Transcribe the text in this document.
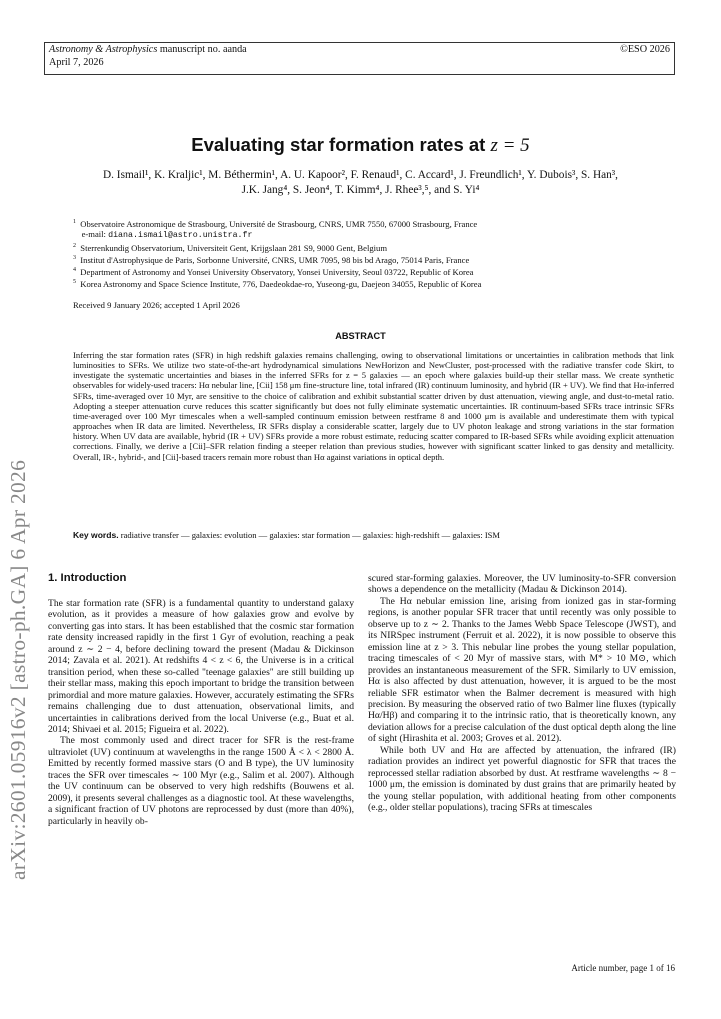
Astronomy & Astrophysics manuscript no. aanda
April 7, 2026
©ESO 2026
arXiv:2601.05916v2 [astro-ph.GA] 6 Apr 2026
Evaluating star formation rates at z = 5
D. Ismail¹, K. Kraljic¹, M. Béthermin¹, A. U. Kapoor², F. Renaud¹, C. Accard¹, J. Freundlich¹, Y. Dubois³, S. Han³,
J.K. Jang⁴, S. Jeon⁴, T. Kimm⁴, J. Rhee³,⁵, and S. Yi⁴
$^1$ Observatoire Astronomique de Strasbourg, Université de Strasbourg, CNRS, UMR 7550, 67000 Strasbourg, France
e-mail: diana.ismail@astro.unistra.fr
$^2$ Sterrenkundig Observatorium, Universiteit Gent, Krijgslaan 281 S9, 9000 Gent, Belgium
$^3$ Institut d'Astrophysique de Paris, Sorbonne Université, CNRS, UMR 7095, 98 bis bd Arago, 75014 Paris, France
$^4$ Department of Astronomy and Yonsei University Observatory, Yonsei University, Seoul 03722, Republic of Korea
$^5$ Korea Astronomy and Space Science Institute, 776, Daedeokdae-ro, Yuseong-gu, Daejeon 34055, Republic of Korea
Received 9 January 2026; accepted 1 April 2026
ABSTRACT
Inferring the star formation rates (SFR) in high redshift galaxies remains challenging, owing to observational limitations or uncertainties in calibration methods that link luminosities to SFRs. We utilize two state-of-the-art hydrodynamical simulations NewHorizon and NewCluster, post-processed with the radiative transfer code Skirt, to investigate the systematic uncertainties and biases in the inferred SFRs for z = 5 galaxies — an epoch where galaxies build-up their stellar mass. We create synthetic observables for widely-used tracers: Hα nebular line, [Cii] 158 μm fine-structure line, total infrared (IR) continuum luminosity, and hybrid (IR + UV). We find that Hα-inferred SFRs, time-averaged over 10 Myr, are sensitive to the choice of calibration and exhibit substantial scatter driven by dust attenuation, viewing angle, and dust-to-metal ratio. Adopting a steeper attenuation curve reduces this scatter significantly but does not fully eliminate systematic uncertainties. IR continuum-based SFRs trace intrinsic SFRs time-averaged over 100 Myr timescales when a well-sampled continuum emission between restframe 8 and 1000 μm is available and underestimate them with typical approaches when IR data are limited. Nevertheless, IR SFRs display a considerable scatter, largely due to UV photon leakage and strong variations in the star formation history. When UV data are available, hybrid (IR + UV) SFRs provide a more robust estimate, reducing scatter compared to IR-based SFRs while avoiding explicit attenuation corrections. Finally, we derive a [Cii]–SFR relation finding a steeper relation than previous studies, however with significant scatter linked to gas density and metallicity. Overall, IR-, hybrid-, and [Cii]-based tracers remain more robust than Hα against variations in optical depth.
Key words. radiative transfer — galaxies: evolution — galaxies: star formation — galaxies: high-redshift — galaxies: ISM
1. Introduction

The star formation rate (SFR) is a fundamental quantity to understand galaxy evolution, as it provides a measure of how galaxies grow and evolve by converting gas into stars. It has been established that the cosmic star formation rate density increased rapidly in the first 1 Gyr of evolution, reaching a peak around z ∼ 2 − 4, before declining toward the present (Madau & Dickinson 2014; Zavala et al. 2021). At redshifts 4 < z < 6, the Universe is in a critical transition period, when these so-called "teenage galaxies" are still building up their stellar mass, making this epoch important to bridge the transition between primordial and more mature galaxies. However, accurately estimating the SFRs remains challenging due to dust attenuation, observational limits, and uncertainties in calibrations derived from the local Universe (e.g., Buat et al. 2014; Shivaei et al. 2015; Figueira et al. 2022).

The most commonly used and direct tracer for SFR is the rest-frame ultraviolet (UV) continuum at wavelengths in the range 1500 Å < λ < 2800 Å. Emitted by recently formed massive stars (O and B type), the UV luminosity traces the SFR over timescales ∼ 100 Myr (e.g., Salim et al. 2007). Although the UV continuum can be observed to very high redshifts (Bouwens et al. 2009), it presents several challenges as a diagnostic tool. At these wavelengths, a significant fraction of UV photons are reprocessed by dust (more than 40%), particularly in heavily ob-

scured star-forming galaxies. Moreover, the UV luminosity-to-SFR conversion shows a dependence on the metallicity (Madau & Dickinson 2014).

The Hα nebular emission line, arising from ionized gas in star-forming regions, is another popular SFR tracer that until recently was only possible to observe up to z ∼ 2. Thanks to the James Webb Space Telescope (JWST), and its NIRSpec instrument (Ferruit et al. 2022), it is now possible to observe this emission line at z > 3. This nebular line probes the young stellar population, tracing timescales of < 20 Myr of massive stars, with M* > 10 M⊙, which provides an instantaneous measurement of the SFR. Similarly to UV emission, Hα is also affected by dust attenuation, however, it is argued to be the most reliable SFR estimator when the Balmer decrement is measured with high precision. By measuring the observed ratio of two Balmer line fluxes (typically Hα/Hβ) and comparing it to the intrinsic ratio, that is theoretically known, any deviation allows for a precise calculation of the dust optical depth along the line of sight (Hirashita et al. 2003; Groves et al. 2012).

While both UV and Hα are affected by attenuation, the infrared (IR) radiation provides an indirect yet powerful diagnostic for SFR that traces the reprocessed stellar radiation absorbed by dust. At restframe wavelengths ∼ 8 − 1000 μm, the emission is dominated by dust grains that are primarily heated by the young stellar population, with additional heating from other components (e.g., older stellar populations), tracing SFRs at timescales

Article number, page 1 of 16
